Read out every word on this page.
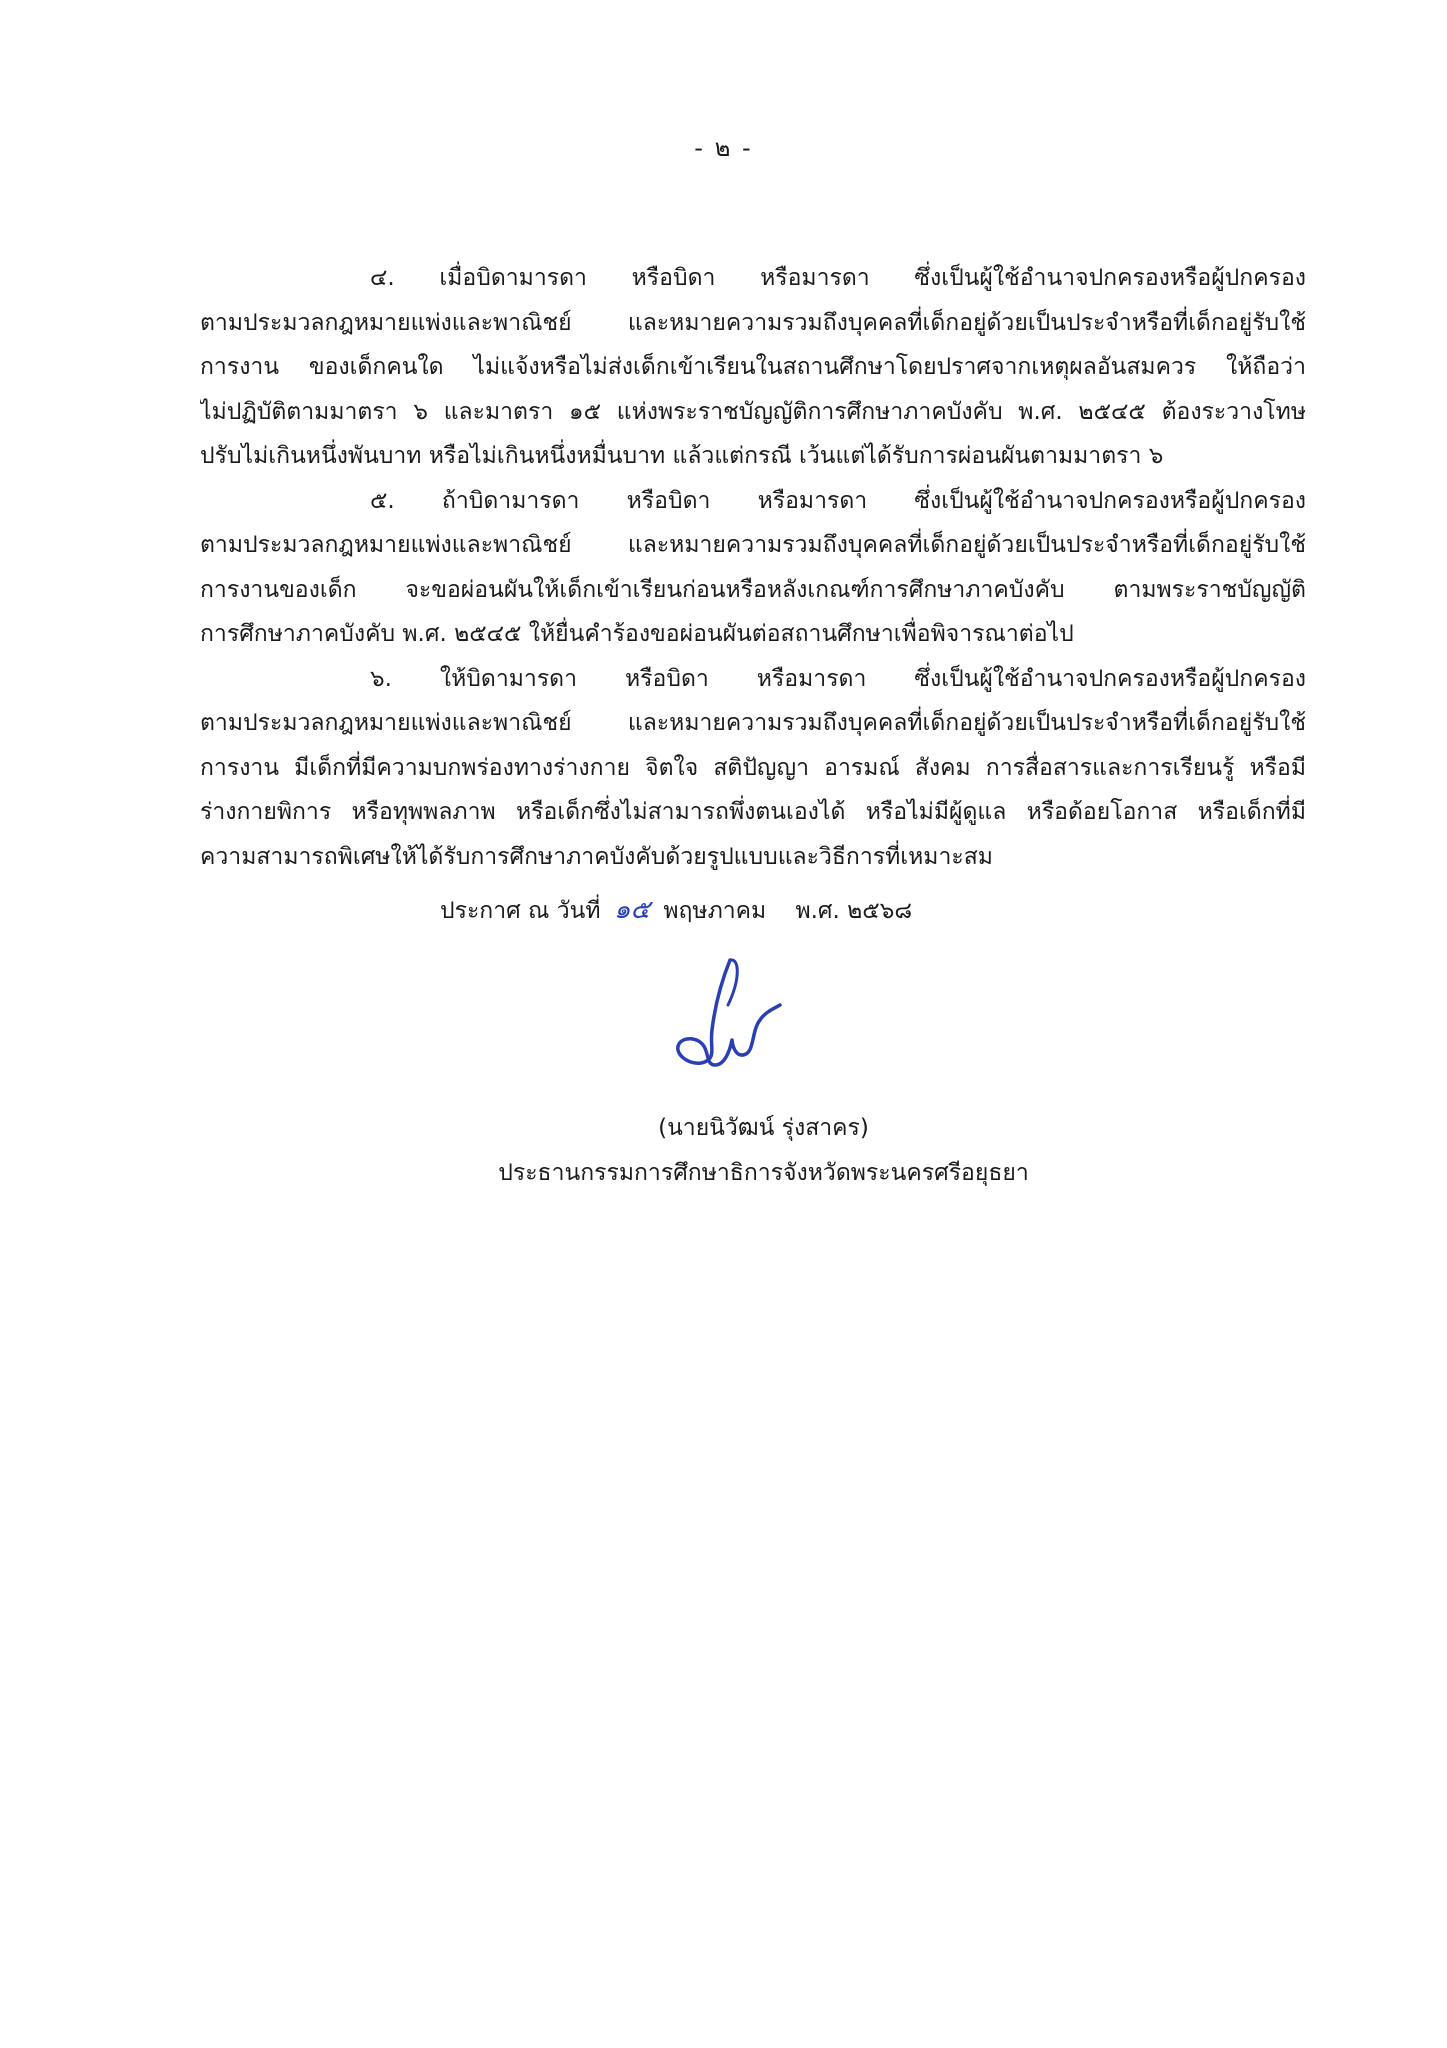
- ๒ -

๔. เมื่อบิดามารดา หรือบิดา หรือมารดา ซึ่งเป็นผู้ใช้อำนาจปกครองหรือผู้ปกครอง
ตามประมวลกฎหมายแพ่งและพาณิชย์ และหมายความรวมถึงบุคคลที่เด็กอยู่ด้วยเป็นประจำหรือที่เด็กอยู่รับใช้
การงาน ของเด็กคนใด ไม่แจ้งหรือไม่ส่งเด็กเข้าเรียนในสถานศึกษาโดยปราศจากเหตุผลอันสมควร ให้ถือว่า
ไม่ปฏิบัติตามมาตรา ๖ และมาตรา ๑๕ แห่งพระราชบัญญัติการศึกษาภาคบังคับ พ.ศ. ๒๕๔๕ ต้องระวางโทษ
ปรับไม่เกินหนึ่งพันบาท หรือไม่เกินหนึ่งหมื่นบาท แล้วแต่กรณี เว้นแต่ได้รับการผ่อนผันตามมาตรา ๖

๕. ถ้าบิดามารดา หรือบิดา หรือมารดา ซึ่งเป็นผู้ใช้อำนาจปกครองหรือผู้ปกครอง
ตามประมวลกฎหมายแพ่งและพาณิชย์ และหมายความรวมถึงบุคคลที่เด็กอยู่ด้วยเป็นประจำหรือที่เด็กอยู่รับใช้
การงานของเด็ก จะขอผ่อนผันให้เด็กเข้าเรียนก่อนหรือหลังเกณฑ์การศึกษาภาคบังคับ ตามพระราชบัญญัติ
การศึกษาภาคบังคับ พ.ศ. ๒๕๔๕ ให้ยื่นคำร้องขอผ่อนผันต่อสถานศึกษาเพื่อพิจารณาต่อไป

๖. ให้บิดามารดา หรือบิดา หรือมารดา ซึ่งเป็นผู้ใช้อำนาจปกครองหรือผู้ปกครอง
ตามประมวลกฎหมายแพ่งและพาณิชย์ และหมายความรวมถึงบุคคลที่เด็กอยู่ด้วยเป็นประจำหรือที่เด็กอยู่รับใช้
การงาน มีเด็กที่มีความบกพร่องทางร่างกาย จิตใจ สติปัญญา อารมณ์ สังคม การสื่อสารและการเรียนรู้ หรือมี
ร่างกายพิการ หรือทุพพลภาพ หรือเด็กซึ่งไม่สามารถพึ่งตนเองได้ หรือไม่มีผู้ดูแล หรือด้อยโอกาส หรือเด็กที่มี
ความสามารถพิเศษให้ได้รับการศึกษาภาคบังคับด้วยรูปแบบและวิธีการที่เหมาะสม

ประกาศ ณ วันที่ ๑๕ พฤษภาคม พ.ศ. ๒๕๖๘
(นายนิวัฒน์ รุ่งสาคร)
ประธานกรรมการศึกษาธิการจังหวัดพระนครศรีอยุธยา
